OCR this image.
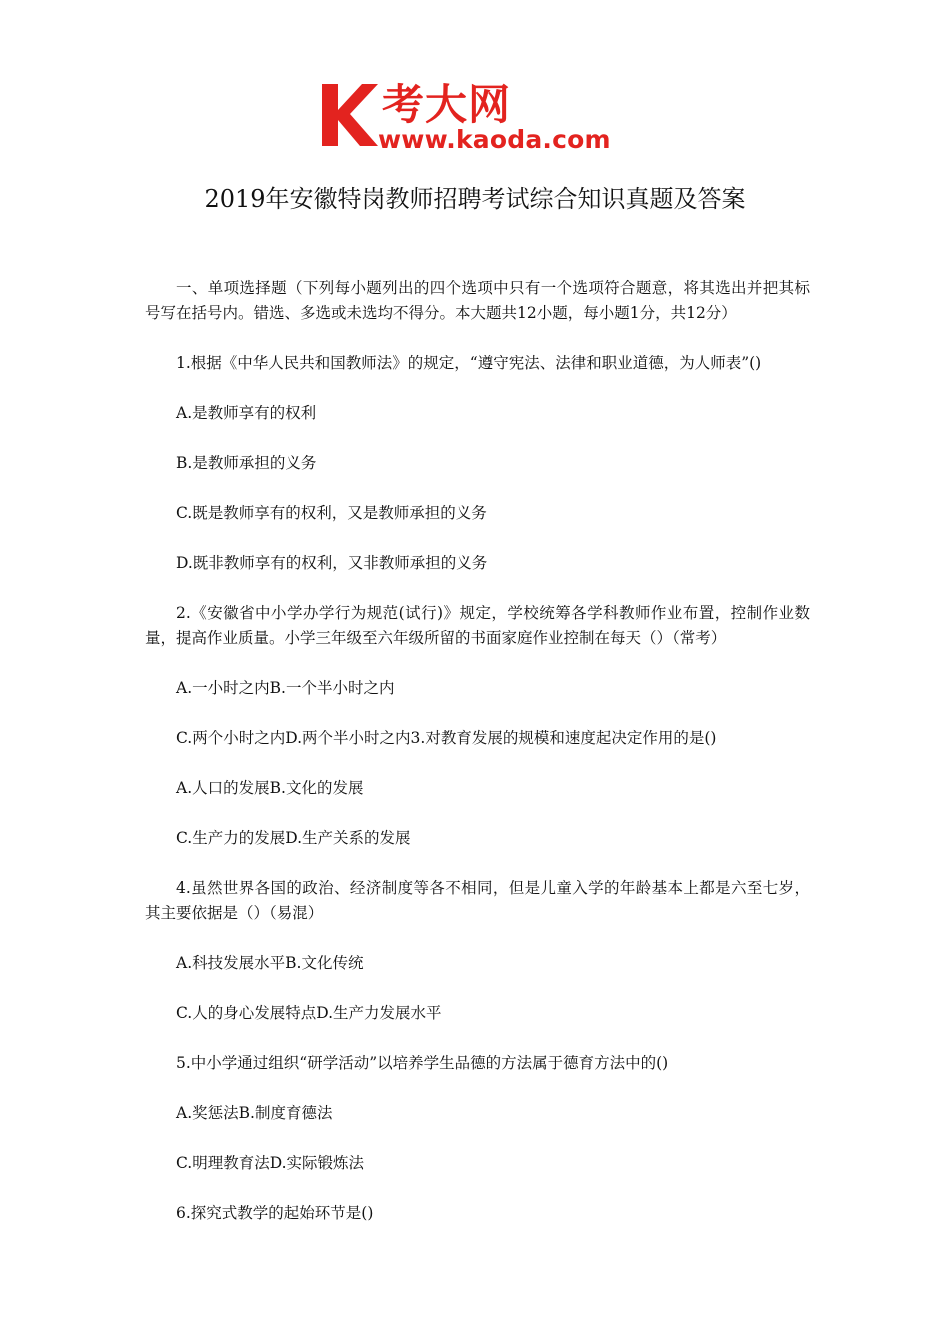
考大网
www.kaoda.com
2019年安徽特岗教师招聘考试综合知识真题及答案

一、单项选择题（下列每小题列出的四个选项中只有一个选项符合题意，将其选出并把其标号写在括号内。错选、多选或未选均不得分。本大题共12小题，每小题1分，共12分）

1.根据《中华人民共和国教师法》的规定，“遵守宪法、法律和职业道德，为人师表”()

A.是教师享有的权利

B.是教师承担的义务

C.既是教师享有的权利，又是教师承担的义务

D.既非教师享有的权利，又非教师承担的义务

2.《安徽省中小学办学行为规范(试行)》规定，学校统筹各学科教师作业布置，控制作业数量，提高作业质量。小学三年级至六年级所留的书面家庭作业控制在每天（）（常考）

A.一小时之内B.一个半小时之内

C.两个小时之内D.两个半小时之内3.对教育发展的规模和速度起决定作用的是()

A.人口的发展B.文化的发展

C.生产力的发展D.生产关系的发展

4.虽然世界各国的政治、经济制度等各不相同，但是儿童入学的年龄基本上都是六至七岁，其主要依据是（）（易混）

A.科技发展水平B.文化传统

C.人的身心发展特点D.生产力发展水平

5.中小学通过组织“研学活动”以培养学生品德的方法属于德育方法中的()

A.奖惩法B.制度育德法

C.明理教育法D.实际锻炼法

6.探究式教学的起始环节是()
